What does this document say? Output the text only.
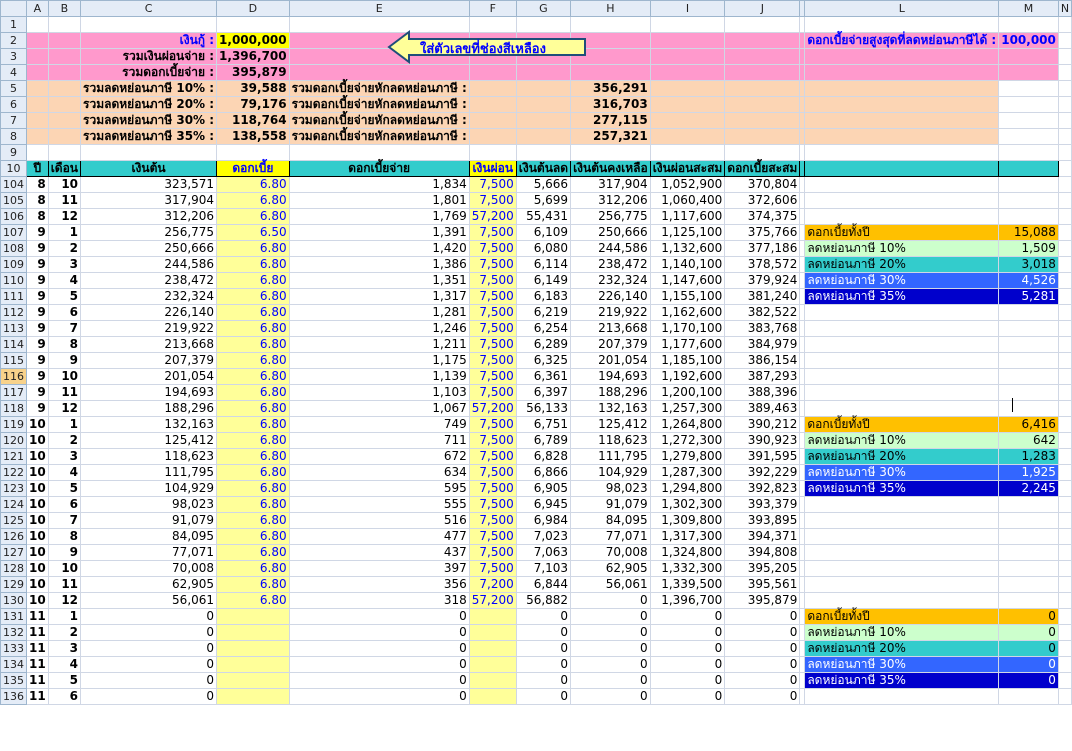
	A	B	C	D	E	F	G	H	I	J		L	M	N
1														
2			เงินกู้ :	1,000,000								ดอกเบี้ยจ่ายสูงสุดที่ลดหย่อนภาษีได้ :	100,000	
3			รวมเงินผ่อนจ่าย :	1,396,700										
4			รวมดอกเบี้ยจ่าย :	395,879										
5			รวมลดหย่อนภาษี 10% :	39,588	รวมดอกเบี้ยจ่ายหักลดหย่อนภาษี :			356,291						
6			รวมลดหย่อนภาษี 20% :	79,176	รวมดอกเบี้ยจ่ายหักลดหย่อนภาษี :			316,703						
7			รวมลดหย่อนภาษี 30% :	118,764	รวมดอกเบี้ยจ่ายหักลดหย่อนภาษี :			277,115						
8			รวมลดหย่อนภาษี 35% :	138,558	รวมดอกเบี้ยจ่ายหักลดหย่อนภาษี :			257,321						
9														
10	ปี	เดือน	เงินต้น	ดอกเบี้ย	ดอกเบี้ยจ่าย	เงินผ่อน	เงินต้นลด	เงินต้นคงเหลือ	เงินผ่อนสะสม	ดอกเบี้ยสะสม				
104	8	10	323,571	6.80	1,834	7,500	5,666	317,904	1,052,900	370,804				
105	8	11	317,904	6.80	1,801	7,500	5,699	312,206	1,060,400	372,606				
106	8	12	312,206	6.80	1,769	57,200	55,431	256,775	1,117,600	374,375				
107	9	1	256,775	6.50	1,391	7,500	6,109	250,666	1,125,100	375,766		ดอกเบี้ยทั้งปี	15,088	
108	9	2	250,666	6.80	1,420	7,500	6,080	244,586	1,132,600	377,186		ลดหย่อนภาษี 10%	1,509	
109	9	3	244,586	6.80	1,386	7,500	6,114	238,472	1,140,100	378,572		ลดหย่อนภาษี 20%	3,018	
110	9	4	238,472	6.80	1,351	7,500	6,149	232,324	1,147,600	379,924		ลดหย่อนภาษี 30%	4,526	
111	9	5	232,324	6.80	1,317	7,500	6,183	226,140	1,155,100	381,240		ลดหย่อนภาษี 35%	5,281	
112	9	6	226,140	6.80	1,281	7,500	6,219	219,922	1,162,600	382,522				
113	9	7	219,922	6.80	1,246	7,500	6,254	213,668	1,170,100	383,768				
114	9	8	213,668	6.80	1,211	7,500	6,289	207,379	1,177,600	384,979				
115	9	9	207,379	6.80	1,175	7,500	6,325	201,054	1,185,100	386,154				
116	9	10	201,054	6.80	1,139	7,500	6,361	194,693	1,192,600	387,293				
117	9	11	194,693	6.80	1,103	7,500	6,397	188,296	1,200,100	388,396				
118	9	12	188,296	6.80	1,067	57,200	56,133	132,163	1,257,300	389,463				
119	10	1	132,163	6.80	749	7,500	6,751	125,412	1,264,800	390,212		ดอกเบี้ยทั้งปี	6,416	
120	10	2	125,412	6.80	711	7,500	6,789	118,623	1,272,300	390,923		ลดหย่อนภาษี 10%	642	
121	10	3	118,623	6.80	672	7,500	6,828	111,795	1,279,800	391,595		ลดหย่อนภาษี 20%	1,283	
122	10	4	111,795	6.80	634	7,500	6,866	104,929	1,287,300	392,229		ลดหย่อนภาษี 30%	1,925	
123	10	5	104,929	6.80	595	7,500	6,905	98,023	1,294,800	392,823		ลดหย่อนภาษี 35%	2,245	
124	10	6	98,023	6.80	555	7,500	6,945	91,079	1,302,300	393,379				
125	10	7	91,079	6.80	516	7,500	6,984	84,095	1,309,800	393,895				
126	10	8	84,095	6.80	477	7,500	7,023	77,071	1,317,300	394,371				
127	10	9	77,071	6.80	437	7,500	7,063	70,008	1,324,800	394,808				
128	10	10	70,008	6.80	397	7,500	7,103	62,905	1,332,300	395,205				
129	10	11	62,905	6.80	356	7,200	6,844	56,061	1,339,500	395,561				
130	10	12	56,061	6.80	318	57,200	56,882	0	1,396,700	395,879				
131	11	1	0		0		0	0	0	0		ดอกเบี้ยทั้งปี	0	
132	11	2	0		0		0	0	0	0		ลดหย่อนภาษี 10%	0	
133	11	3	0		0		0	0	0	0		ลดหย่อนภาษี 20%	0	
134	11	4	0		0		0	0	0	0		ลดหย่อนภาษี 30%	0	
135	11	5	0		0		0	0	0	0		ลดหย่อนภาษี 35%	0	
136	11	6	0		0		0	0	0	0				
ใส่ตัวเลขที่ช่องสีเหลือง
